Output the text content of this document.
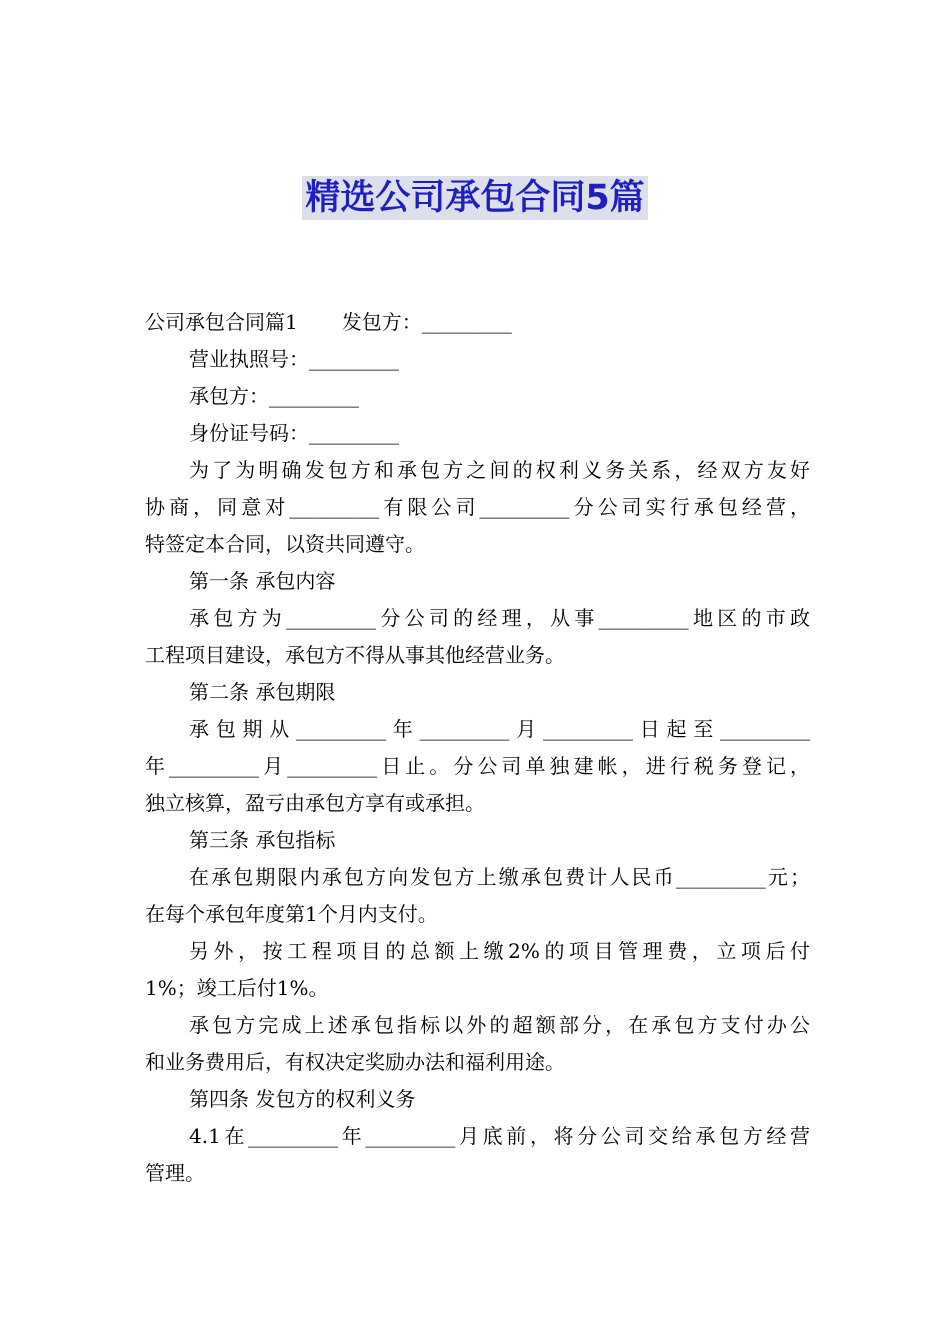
精选公司承包合同5篇
公司承包合同篇1 发包方：_________
营业执照号：_________
承包方：_________
身份证号码：_________
为了为明确发包方和承包方之间的权利义务关系，经双方友好
协商，同意对_________有限公司_________分公司实行承包经营，
特签定本合同，以资共同遵守。
第一条 承包内容
承包方为_________分公司的经理，从事_________地区的市政
工程项目建设，承包方不得从事其他经营业务。
第二条 承包期限
承包期从_________年_________月_________日起至_________
年_________月_________日止。分公司单独建帐，进行税务登记，
独立核算，盈亏由承包方享有或承担。
第三条 承包指标
在承包期限内承包方向发包方上缴承包费计人民币_________元；
在每个承包年度第1个月内支付。
另外，按工程项目的总额上缴2%的项目管理费，立项后付
1%；竣工后付1%。
承包方完成上述承包指标以外的超额部分，在承包方支付办公
和业务费用后，有权决定奖励办法和福利用途。
第四条 发包方的权利义务
4.1在_________年_________月底前，将分公司交给承包方经营
管理。
